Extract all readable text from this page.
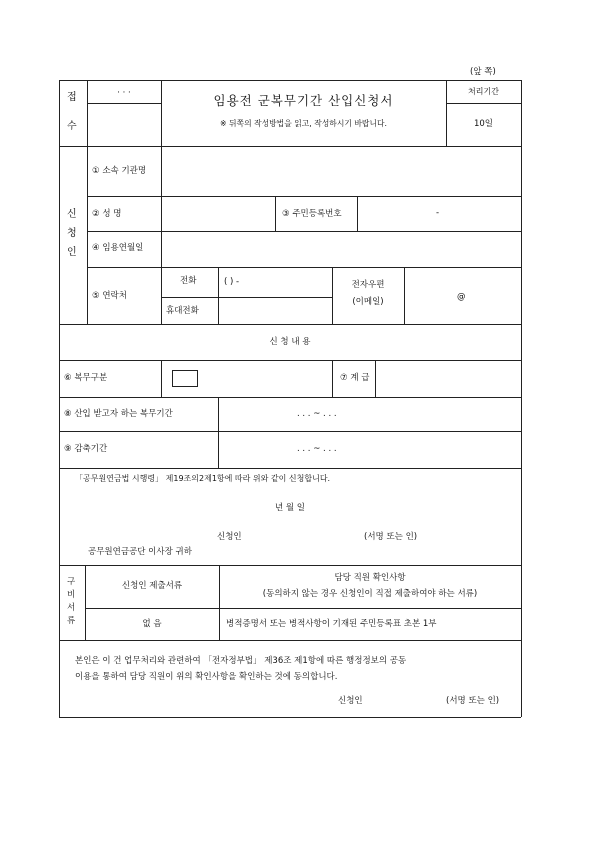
(앞 쪽)
접
수
· · ·	임용전 군복무기간 산입신청서
※ 뒤쪽의 작성방법을 읽고, 작성하시기 바랍니다.
처리기간
10일
신
청
인
① 소속 기관명
② 성 명	③ 주민등록번호	-
④ 임용연월일
⑤ 연락처
전화	( ) -
휴대전화
전자우편
(이메일)	@
신 청 내 용
⑥ 복무구분	⑦ 계 급
⑧ 산입 받고자 하는 복무기간	. . . ~ . . .
⑨ 감축기간	. . . ~ . . .
「공무원연금법 시행령」 제19조의2제1항에 따라 위와 같이 신청합니다.
년 월 일
신청인	(서명 또는 인)
공무원연금공단 이사장 귀하
구
비
서
류
신청인 제출서류
담당 직원 확인사항
(동의하지 않는 경우 신청인이 직접 제출하여야 하는 서류)
없 음	병적증명서 또는 병적사항이 기재된 주민등록표 초본 1부
본인은 이 건 업무처리와 관련하여 「전자정부법」 제36조 제1항에 따른 행정정보의 공동
이용을 통하여 담당 직원이 위의 확인사항을 확인하는 것에 동의합니다.
신청인	(서명 또는 인)
